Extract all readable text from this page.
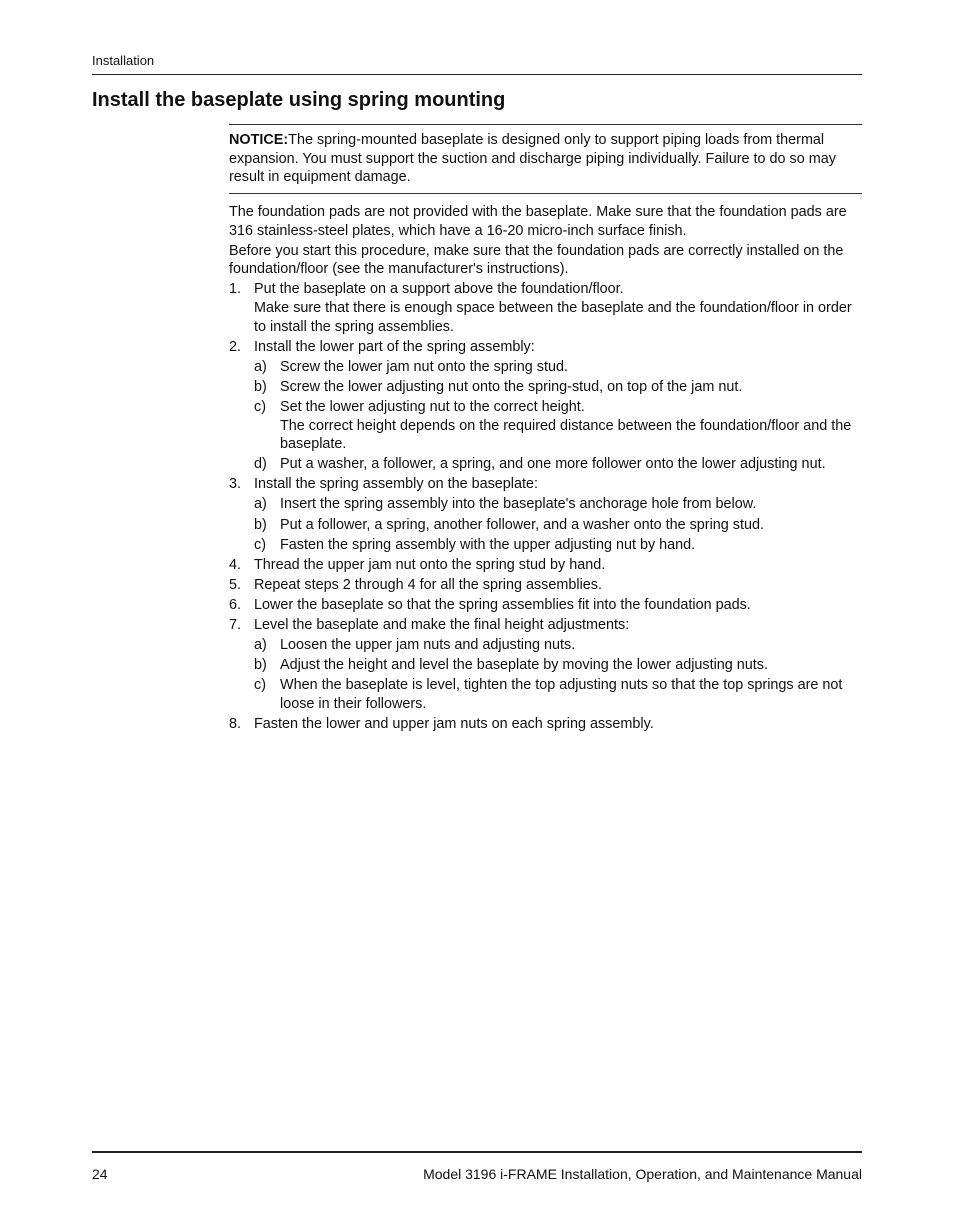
Installation
Install the baseplate using spring mounting
NOTICE:The spring-mounted baseplate is designed only to support piping loads from thermal expansion. You must support the suction and discharge piping individually. Failure to do so may result in equipment damage.

The foundation pads are not provided with the baseplate. Make sure that the foundation pads are 316 stainless-steel plates, which have a 16-20 micro-inch surface finish.

Before you start this procedure, make sure that the foundation pads are correctly installed on the foundation/floor (see the manufacturer's instructions).

1. Put the baseplate on a support above the foundation/floor.
Make sure that there is enough space between the baseplate and the foundation/floor in order to install the spring assemblies.
2. Install the lower part of the spring assembly:
a) Screw the lower jam nut onto the spring stud.
b) Screw the lower adjusting nut onto the spring-stud, on top of the jam nut.
c) Set the lower adjusting nut to the correct height.
The correct height depends on the required distance between the foundation/floor and the baseplate.
d) Put a washer, a follower, a spring, and one more follower onto the lower adjusting nut.
3. Install the spring assembly on the baseplate:
a) Insert the spring assembly into the baseplate's anchorage hole from below.
b) Put a follower, a spring, another follower, and a washer onto the spring stud.
c) Fasten the spring assembly with the upper adjusting nut by hand.
4. Thread the upper jam nut onto the spring stud by hand.
5. Repeat steps 2 through 4 for all the spring assemblies.
6. Lower the baseplate so that the spring assemblies fit into the foundation pads.
7. Level the baseplate and make the final height adjustments:
a) Loosen the upper jam nuts and adjusting nuts.
b) Adjust the height and level the baseplate by moving the lower adjusting nuts.
c) When the baseplate is level, tighten the top adjusting nuts so that the top springs are not loose in their followers.
8. Fasten the lower and upper jam nuts on each spring assembly.
24	Model 3196 i-FRAME Installation, Operation, and Maintenance Manual
